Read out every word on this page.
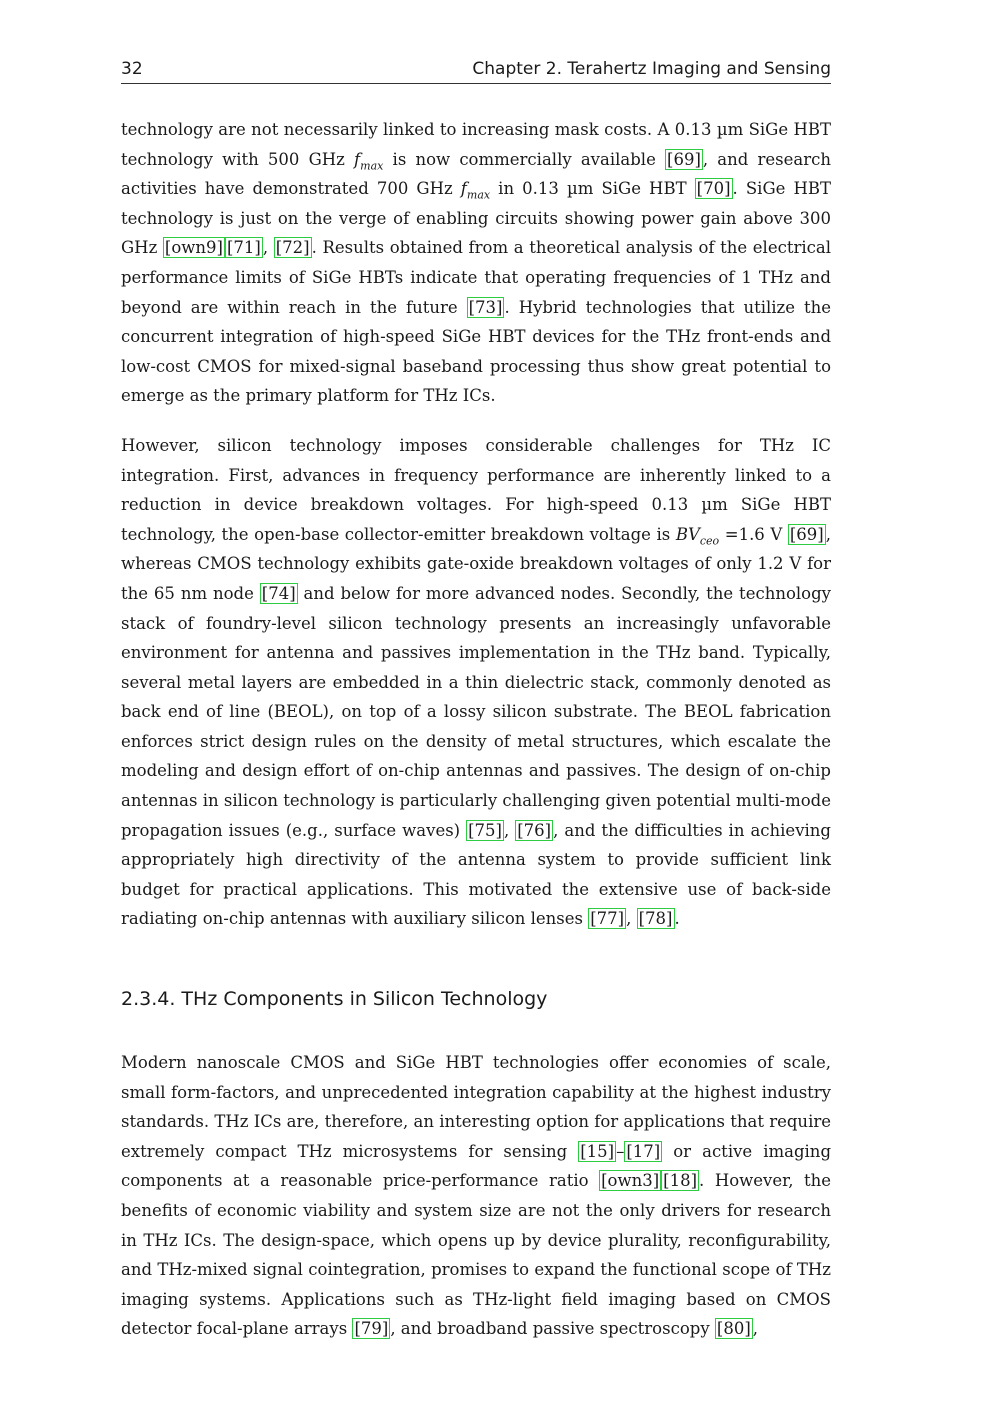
32	Chapter 2. Terahertz Imaging and Sensing

technology are not necessarily linked to increasing mask costs. A 0.13 µm SiGe HBT technology with 500 GHz $f_{max}$ is now commercially available [69] , and research activities have demonstrated 700 GHz $f_{max}$ in 0.13 µm SiGe HBT [70] . SiGe HBT technology is just on the verge of enabling circuits showing power gain above 300 GHz [own9] [71] , [72] . Results obtained from a theoretical analysis of the electrical performance limits of SiGe HBTs indicate that operating frequencies of 1 THz and beyond are within reach in the future [73] . Hybrid technologies that utilize the concurrent integration of high-speed SiGe HBT devices for the THz front-ends and low-cost CMOS for mixed-signal baseband processing thus show great potential to emerge as the primary platform for THz ICs.

However, silicon technology imposes considerable challenges for THz IC integration. First, advances in frequency performance are inherently linked to a reduction in device breakdown voltages. For high-speed 0.13 µm SiGe HBT technology, the open-base collector-emitter breakdown voltage is $BV_{ceo} =1.6$ V [69] , whereas CMOS technology exhibits gate-oxide breakdown voltages of only 1.2 V for the 65 nm node [74] and below for more advanced nodes. Secondly, the technology stack of foundry-level silicon technology presents an increasingly unfavorable environment for antenna and passives implementation in the THz band. Typically, several metal layers are embedded in a thin dielectric stack, commonly denoted as back end of line (BEOL), on top of a lossy silicon substrate. The BEOL fabrication enforces strict design rules on the density of metal structures, which escalate the modeling and design effort of on-chip antennas and passives. The design of on-chip antennas in silicon technology is particularly challenging given potential multi-mode propagation issues (e.g., surface waves) [75] , [76] , and the difficulties in achieving appropriately high directivity of the antenna system to provide sufficient link budget for practical applications. This motivated the extensive use of back-side radiating on-chip antennas with auxiliary silicon lenses [77] , [78] .

2.3.4. THz Components in Silicon Technology

Modern nanoscale CMOS and SiGe HBT technologies offer economies of scale, small form-factors, and unprecedented integration capability at the highest industry standards. THz ICs are, therefore, an interesting option for applications that require extremely compact THz microsystems for sensing [15] – [17] or active imaging components at a reasonable price-performance ratio [own3] [18] . However, the benefits of economic viability and system size are not the only drivers for research in THz ICs. The design-space, which opens up by device plurality, reconfigurability, and THz-mixed signal cointegration, promises to expand the functional scope of THz imaging systems. Applications such as THz-light field imaging based on CMOS detector focal-plane arrays [79] , and broadband passive spectroscopy [80] ,
